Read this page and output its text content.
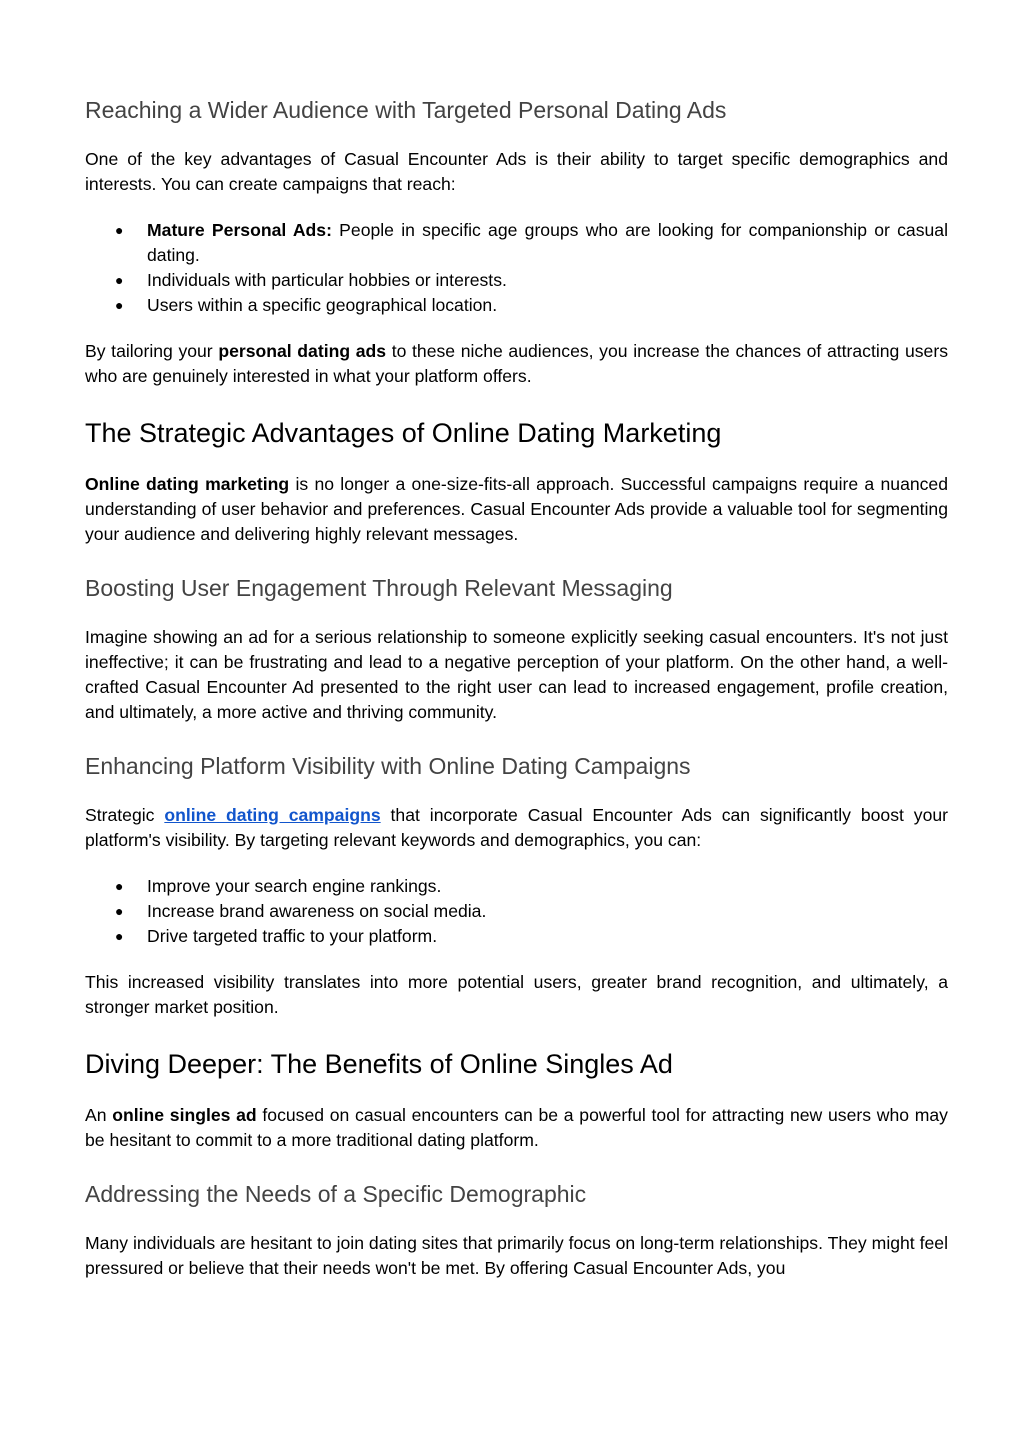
Reaching a Wider Audience with Targeted Personal Dating Ads

One of the key advantages of Casual Encounter Ads is their ability to target specific demographics and interests. You can create campaigns that reach:

● Mature Personal Ads: People in specific age groups who are looking for companionship or casual dating.
● Individuals with particular hobbies or interests.
● Users within a specific geographical location.

By tailoring your personal dating ads to these niche audiences, you increase the chances of attracting users who are genuinely interested in what your platform offers.

The Strategic Advantages of Online Dating Marketing

Online dating marketing is no longer a one-size-fits-all approach. Successful campaigns require a nuanced understanding of user behavior and preferences. Casual Encounter Ads provide a valuable tool for segmenting your audience and delivering highly relevant messages.

Boosting User Engagement Through Relevant Messaging

Imagine showing an ad for a serious relationship to someone explicitly seeking casual encounters. It's not just ineffective; it can be frustrating and lead to a negative perception of your platform. On the other hand, a well-crafted Casual Encounter Ad presented to the right user can lead to increased engagement, profile creation, and ultimately, a more active and thriving community.

Enhancing Platform Visibility with Online Dating Campaigns

Strategic online dating campaigns that incorporate Casual Encounter Ads can significantly boost your platform's visibility. By targeting relevant keywords and demographics, you can:

● Improve your search engine rankings.
● Increase brand awareness on social media.
● Drive targeted traffic to your platform.

This increased visibility translates into more potential users, greater brand recognition, and ultimately, a stronger market position.

Diving Deeper: The Benefits of Online Singles Ad

An online singles ad focused on casual encounters can be a powerful tool for attracting new users who may be hesitant to commit to a more traditional dating platform.

Addressing the Needs of a Specific Demographic

Many individuals are hesitant to join dating sites that primarily focus on long-term relationships. They might feel pressured or believe that their needs won't be met. By offering Casual Encounter Ads, you
